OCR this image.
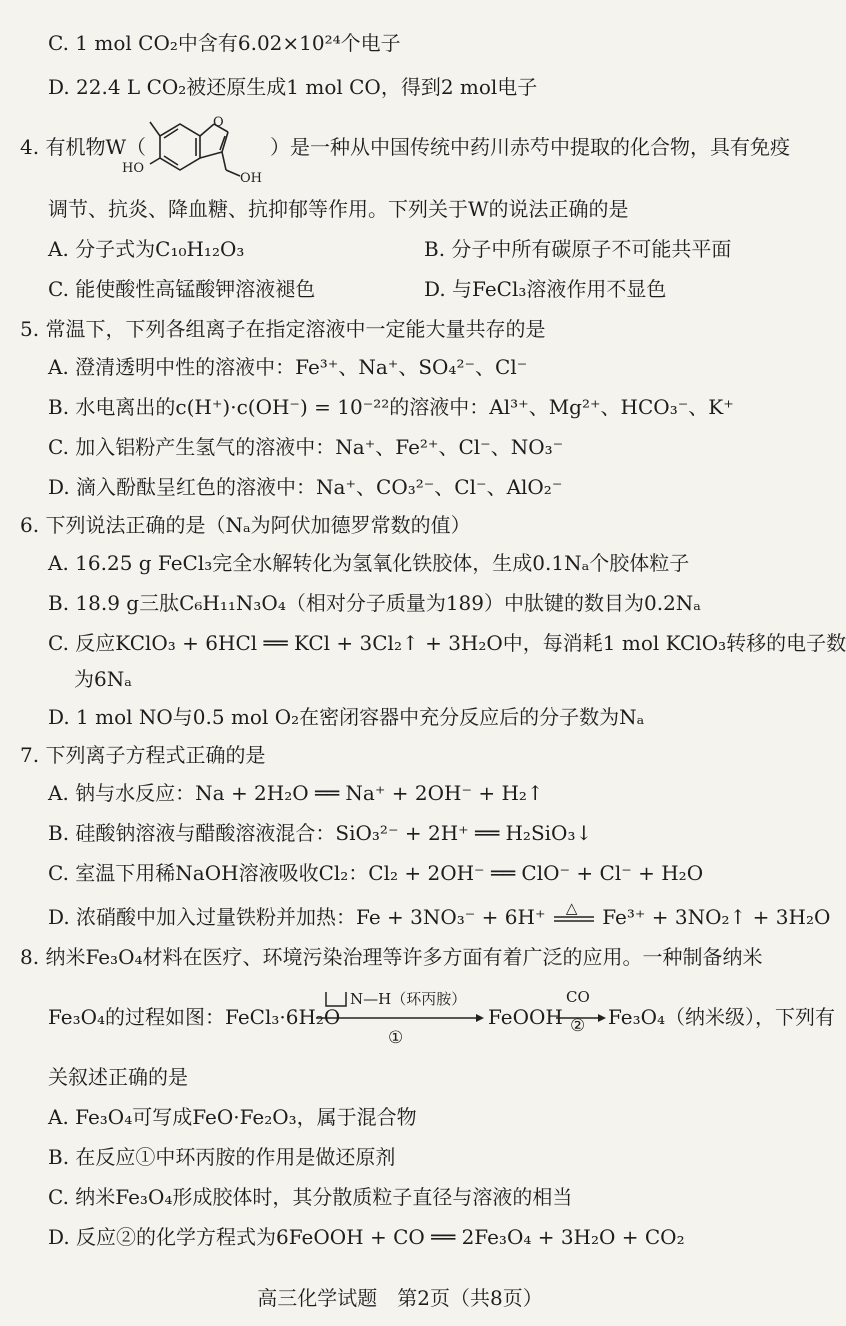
C. 1 mol CO₂中含有6.02×10²⁴个电子
D. 22.4 L CO₂被还原生成1 mol CO，得到2 mol电子
4. 有机物W（
O
HO
OH
）是一种从中国传统中药川赤芍中提取的化合物，具有免疫
调节、抗炎、降血糖、抗抑郁等作用。下列关于W的说法正确的是
A. 分子式为C₁₀H₁₂O₃	B. 分子中所有碳原子不可能共平面
C. 能使酸性高锰酸钾溶液褪色	D. 与FeCl₃溶液作用不显色
5. 常温下，下列各组离子在指定溶液中一定能大量共存的是
A. 澄清透明中性的溶液中：Fe³⁺、Na⁺、SO₄²⁻、Cl⁻
B. 水电离出的c(H⁺)·c(OH⁻) = 10⁻²²的溶液中：Al³⁺、Mg²⁺、HCO₃⁻、K⁺
C. 加入铝粉产生氢气的溶液中：Na⁺、Fe²⁺、Cl⁻、NO₃⁻
D. 滴入酚酞呈红色的溶液中：Na⁺、CO₃²⁻、Cl⁻、AlO₂⁻
6. 下列说法正确的是（Nₐ为阿伏加德罗常数的值）
A. 16.25 g FeCl₃完全水解转化为氢氧化铁胶体，生成0.1Nₐ个胶体粒子
B. 18.9 g三肽C₆H₁₁N₃O₄（相对分子质量为189）中肽键的数目为0.2Nₐ
C. 反应KClO₃ + 6HCl ══ KCl + 3Cl₂↑ + 3H₂O中，每消耗1 mol KClO₃转移的电子数
为6Nₐ
D. 1 mol NO与0.5 mol O₂在密闭容器中充分反应后的分子数为Nₐ
7. 下列离子方程式正确的是
A. 钠与水反应：Na + 2H₂O ══ Na⁺ + 2OH⁻ + H₂↑
B. 硅酸钠溶液与醋酸溶液混合：SiO₃²⁻ + 2H⁺ ══ H₂SiO₃↓
C. 室温下用稀NaOH溶液吸收Cl₂：Cl₂ + 2OH⁻ ══ ClO⁻ + Cl⁻ + H₂O
D. 浓硝酸中加入过量铁粉并加热：Fe + 3NO₃⁻ + 6H⁺ △ Fe³⁺ + 3NO₂↑ + 3H₂O
8. 纳米Fe₃O₄材料在医疗、环境污染治理等许多方面有着广泛的应用。一种制备纳米
Fe₃O₄的过程如图：FeCl₃·6H₂O
N—H（环丙胺）
①
FeOOH
CO
② Fe₃O₄（纳米级），下列有
关叙述正确的是
A. Fe₃O₄可写成FeO·Fe₂O₃，属于混合物
B. 在反应①中环丙胺的作用是做还原剂
C. 纳米Fe₃O₄形成胶体时，其分散质粒子直径与溶液的相当
D. 反应②的化学方程式为6FeOOH + CO ══ 2Fe₃O₄ + 3H₂O + CO₂
高三化学试题　第2页（共8页）
